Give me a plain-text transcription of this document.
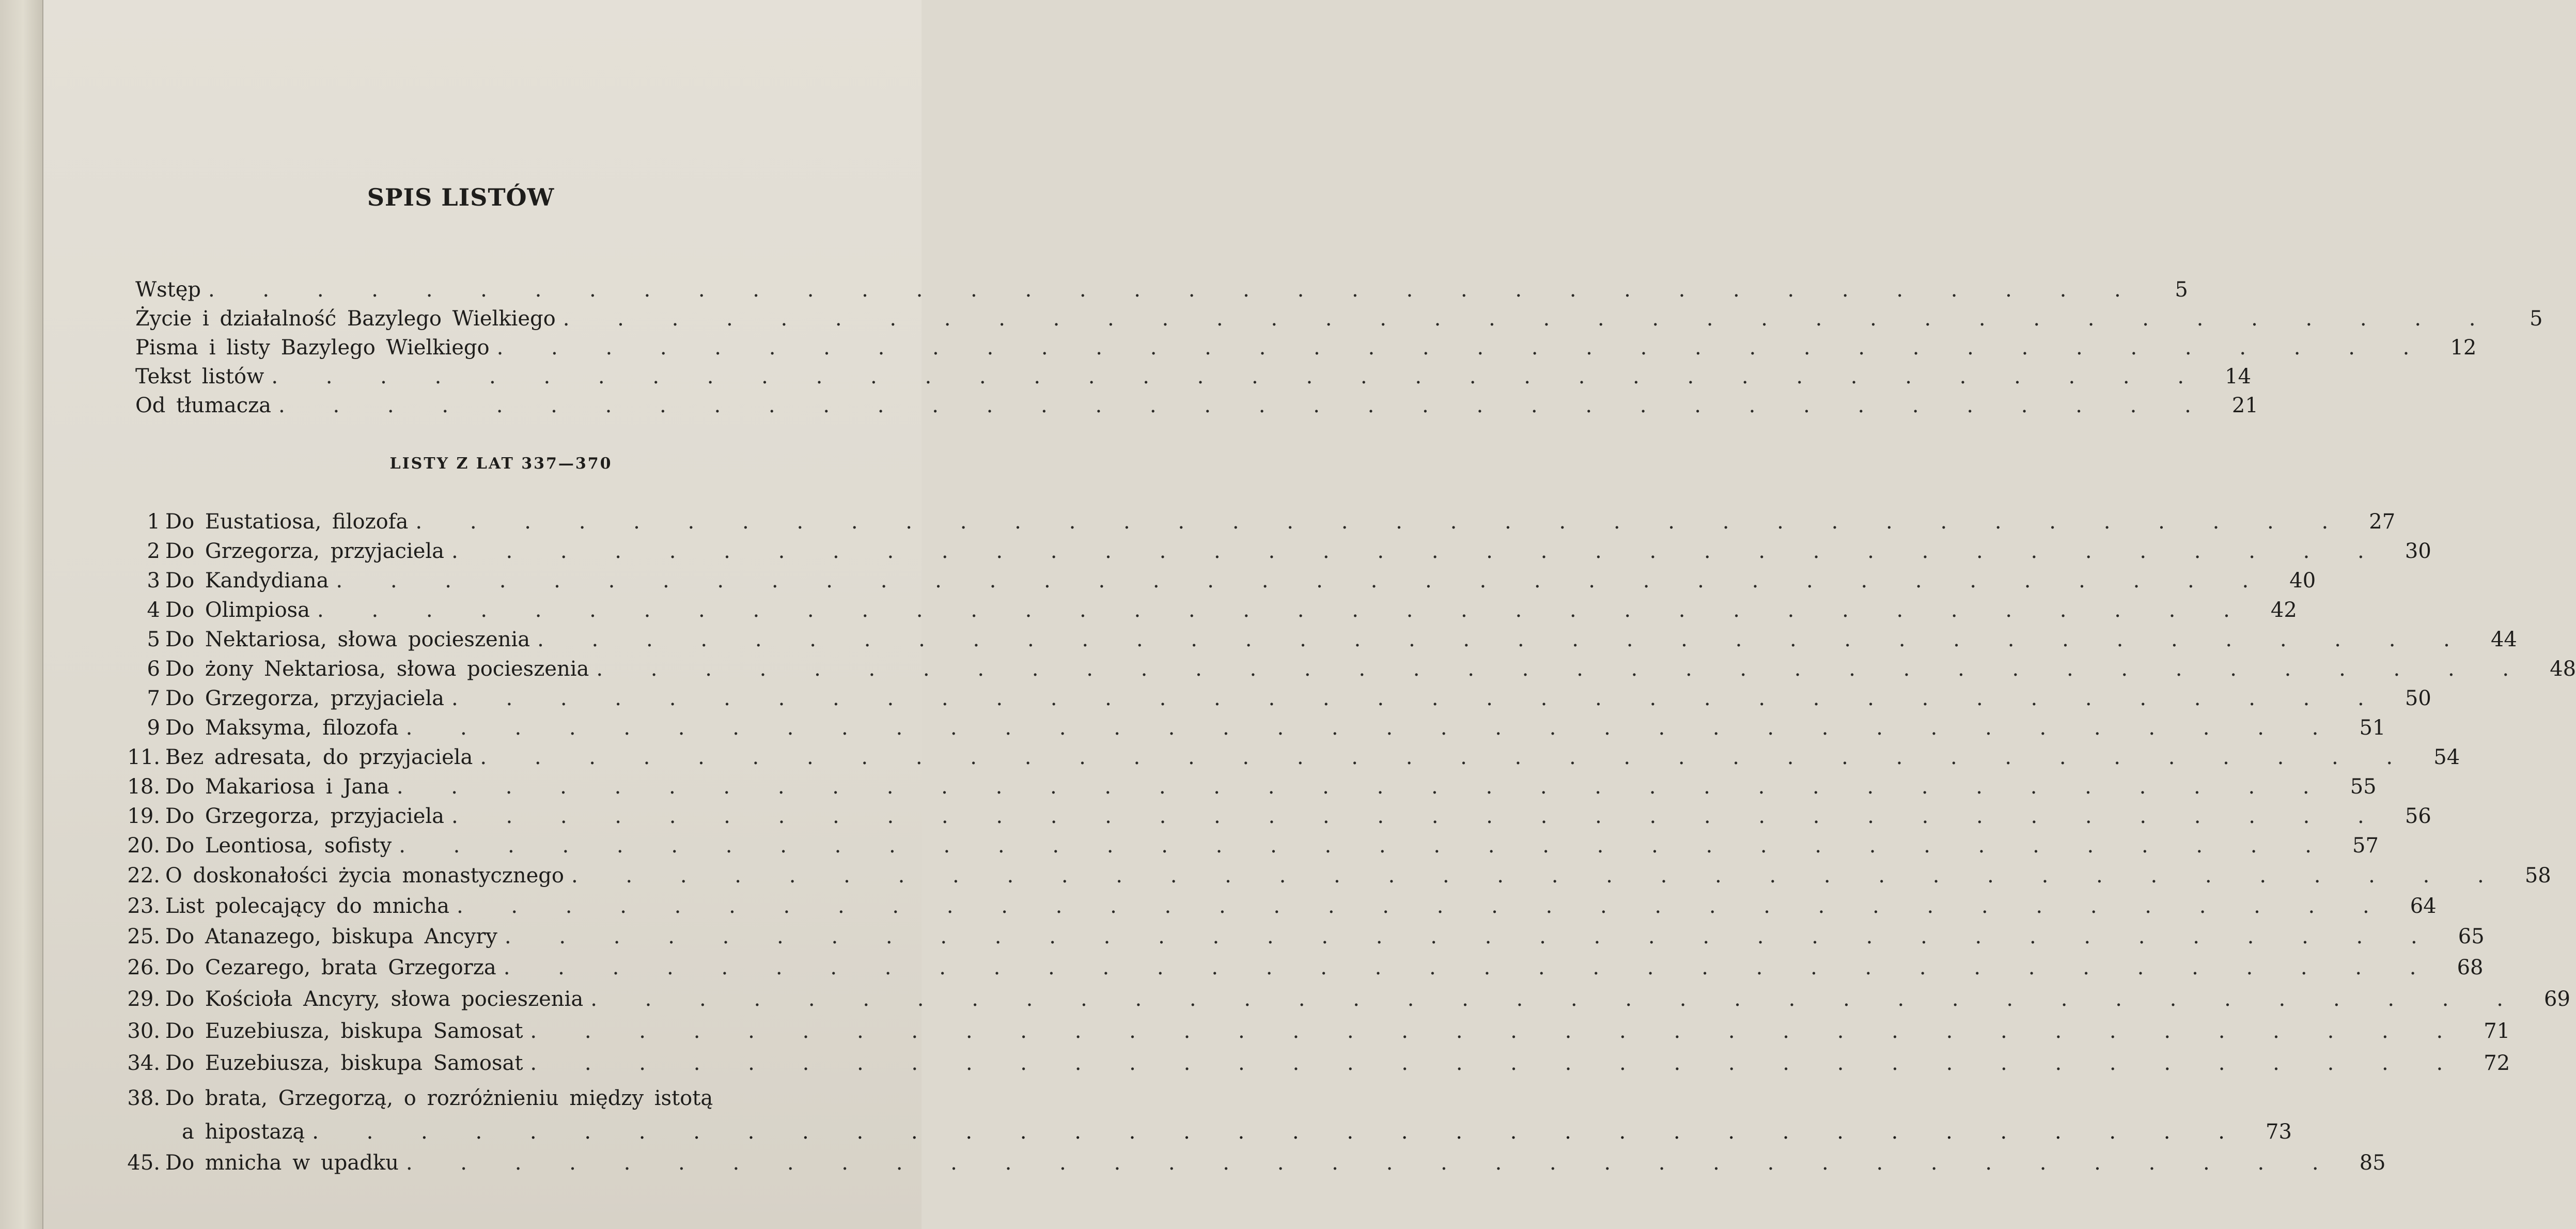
SPIS LISTÓW
Wstęp . . . . . . . . . . . . . . . . . . . . . . . . . . . . . . . . . . . .	5
Życie i działalność Bazylego Wielkiego . . . . . . . . . . . . . . . . . . . . . . . . . . . . . . . . . . . .	5
Pisma i listy Bazylego Wielkiego . . . . . . . . . . . . . . . . . . . . . . . . . . . . . . . . . . . . 12
Tekst listów . . . . . . . . . . . . . . . . . . . . . . . . . . . . . . . . . . . . 14
Od tłumacza . . . . . . . . . . . . . . . . . . . . . . . . . . . . . . . . . . . . 21
LISTY Z LAT 337—370
1 Do Eustatiosa, filozofa . . . . . . . . . . . . . . . . . . . . . . . . . . . . . . . . . . . . 27
2 Do Grzegorza, przyjaciela . . . . . . . . . . . . . . . . . . . . . . . . . . . . . . . . . . . . 30
3 Do Kandydiana . . . . . . . . . . . . . . . . . . . . . . . . . . . . . . . . . . . . 40
4 Do Olimpiosa . . . . . . . . . . . . . . . . . . . . . . . . . . . . . . . . . . . . 42
5 Do Nektariosa, słowa pocieszenia . . . . . . . . . . . . . . . . . . . . . . . . . . . . . . . . . . . . 44
6 Do żony Nektariosa, słowa pocieszenia . . . . . . . . . . . . . . . . . . . . . . . . . . . . . . . . . . . . 48
7 Do Grzegorza, przyjaciela . . . . . . . . . . . . . . . . . . . . . . . . . . . . . . . . . . . . 50
9 Do Maksyma, filozofa . . . . . . . . . . . . . . . . . . . . . . . . . . . . . . . . . . . . 51
11. Bez adresata, do przyjaciela . . . . . . . . . . . . . . . . . . . . . . . . . . . . . . . . . . . . 54
18. Do Makariosa i Jana . . . . . . . . . . . . . . . . . . . . . . . . . . . . . . . . . . . . 55
19. Do Grzegorza, przyjaciela . . . . . . . . . . . . . . . . . . . . . . . . . . . . . . . . . . . . 56
20. Do Leontiosa, sofisty . . . . . . . . . . . . . . . . . . . . . . . . . . . . . . . . . . . . 57
22. O doskonałości życia monastycznego . . . . . . . . . . . . . . . . . . . . . . . . . . . . . . . . . . . . 58
23. List polecający do mnicha . . . . . . . . . . . . . . . . . . . . . . . . . . . . . . . . . . . . 64
25. Do Atanazego, biskupa Ancyry . . . . . . . . . . . . . . . . . . . . . . . . . . . . . . . . . . . . 65
26. Do Cezarego, brata Grzegorza . . . . . . . . . . . . . . . . . . . . . . . . . . . . . . . . . . . . 68
29. Do Kościoła Ancyry, słowa pocieszenia . . . . . . . . . . . . . . . . . . . . . . . . . . . . . . . . . . . . 69
30. Do Euzebiusza, biskupa Samosat . . . . . . . . . . . . . . . . . . . . . . . . . . . . . . . . . . . . 71
34. Do Euzebiusza, biskupa Samosat . . . . . . . . . . . . . . . . . . . . . . . . . . . . . . . . . . . . 72
38. Do brata, Grzegorzą, o rozróżnieniu między istotą
a hipostazą . . . . . . . . . . . . . . . . . . . . . . . . . . . . . . . . . . . . 73
45. Do mnicha w upadku . . . . . . . . . . . . . . . . . . . . . . . . . . . . . . . . . . . . 85
